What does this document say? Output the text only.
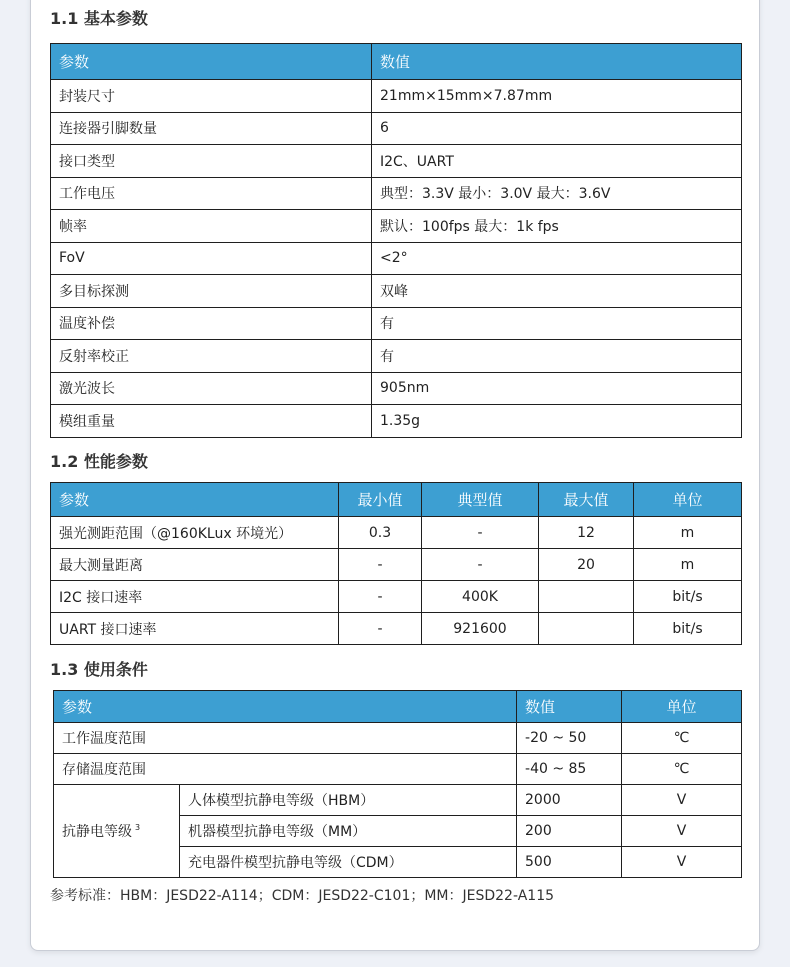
1.1 基本参数
参数	数值
封装尺寸	21mm×15mm×7.87mm
连接器引脚数量	6
接口类型	I2C、UART
工作电压	典型：3.3V 最小：3.0V 最大：3.6V
帧率	默认：100fps 最大：1k fps
FoV	<2°
多目标探测	双峰
温度补偿	有
反射率校正	有
激光波长	905nm
模组重量	1.35g
1.2 性能参数
参数	最小值	典型值	最大值	单位
强光测距范围（@160KLux 环境光）	0.3	-	12	m
最大测量距离	-	-	20	m
I2C 接口速率	-	400K		bit/s
UART 接口速率	-	921600		bit/s
1.3 使用条件
参数		数值	单位
工作温度范围		-20 ~ 50	℃
存储温度范围		-40 ~ 85	℃
抗静电等级 $^3$	人体模型抗静电等级（HBM）	2000	V
	机器模型抗静电等级（MM）	200	V
	充电器件模型抗静电等级（CDM）	500	V
参考标准：HBM：JESD22-A114；CDM：JESD22-C101；MM：JESD22-A115
